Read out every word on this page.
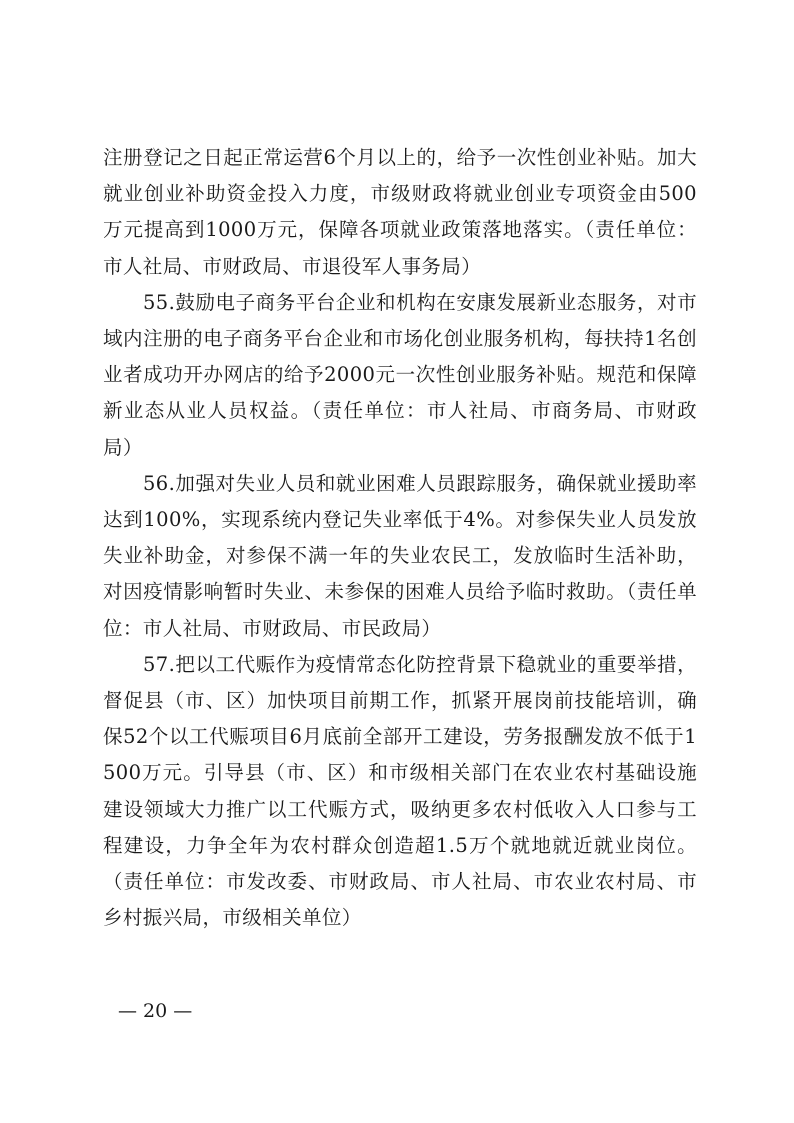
注册登记之日起正常运营6个月以上的，给予一次性创业补贴。加大就业创业补助资金投入力度，市级财政将就业创业专项资金由500万元提高到1000万元，保障各项就业政策落地落实。（责任单位：市人社局、市财政局、市退役军人事务局）

55.鼓励电子商务平台企业和机构在安康发展新业态服务，对市域内注册的电子商务平台企业和市场化创业服务机构，每扶持1名创业者成功开办网店的给予2000元一次性创业服务补贴。规范和保障新业态从业人员权益。（责任单位：市人社局、市商务局、市财政局）

56.加强对失业人员和就业困难人员跟踪服务，确保就业援助率达到100%，实现系统内登记失业率低于4%。对参保失业人员发放失业补助金，对参保不满一年的失业农民工，发放临时生活补助，对因疫情影响暂时失业、未参保的困难人员给予临时救助。（责任单位：市人社局、市财政局、市民政局）

57.把以工代赈作为疫情常态化防控背景下稳就业的重要举措，督促县（市、区）加快项目前期工作，抓紧开展岗前技能培训，确保52个以工代赈项目6月底前全部开工建设，劳务报酬发放不低于1500万元。引导县（市、区）和市级相关部门在农业农村基础设施建设领域大力推广以工代赈方式，吸纳更多农村低收入人口参与工程建设，力争全年为农村群众创造超1.5万个就地就近就业岗位。（责任单位：市发改委、市财政局、市人社局、市农业农村局、市乡村振兴局，市级相关单位）

— 20 —
